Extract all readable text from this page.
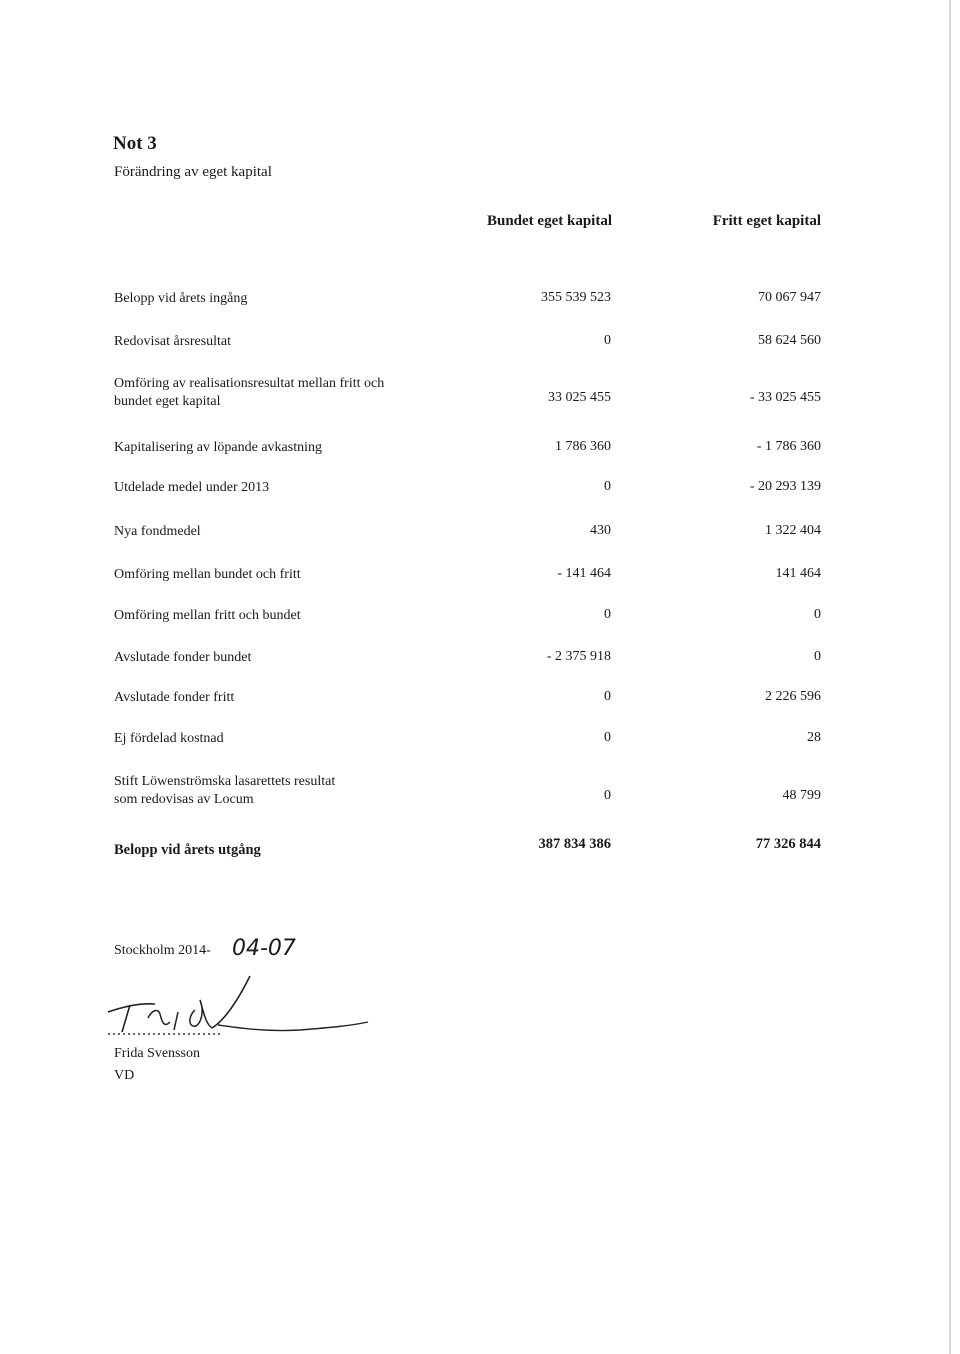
Not 3
Förändring av eget kapital
Bundet eget kapital	Fritt eget kapital
Belopp vid årets ingång	355 539 523	70 067 947
Redovisat årsresultat	0	58 624 560
Omföring av realisationsresultat mellan fritt och bundet eget kapital	33 025 455	- 33 025 455
Kapitalisering av löpande avkastning	1 786 360	- 1 786 360
Utdelade medel under 2013	0	- 20 293 139
Nya fondmedel	430	1 322 404
Omföring mellan bundet och fritt	- 141 464	141 464
Omföring mellan fritt och bundet	0	0
Avslutade fonder bundet	- 2 375 918	0
Avslutade fonder fritt	0	2 226 596
Ej fördelad kostnad	0	28
Stift Löwenströmska lasarettets resultat som redovisas av Locum	0	48 799
Belopp vid årets utgång	387 834 386	77 326 844
Stockholm 2014- 04-07
Frida Svensson
VD
